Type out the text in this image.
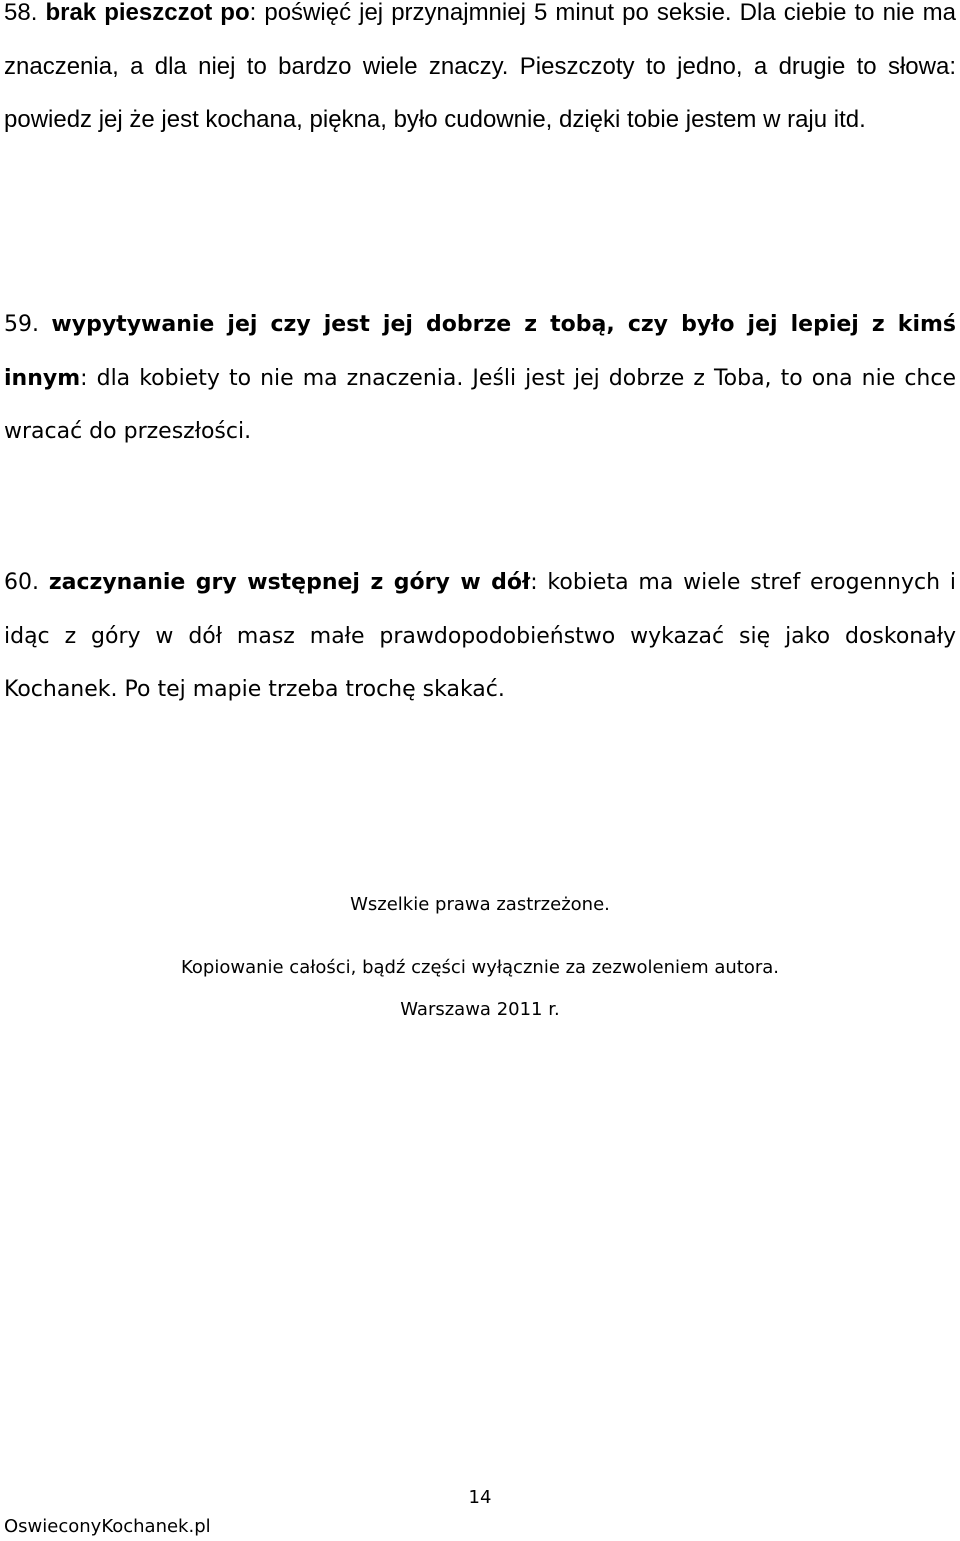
58. brak pieszczot po: poświęć jej przynajmniej 5 minut po seksie. Dla ciebie to nie ma znaczenia, a dla niej to bardzo wiele znaczy. Pieszczoty to jedno, a drugie to słowa: powiedz jej że jest kochana, piękna, było cudownie, dzięki tobie jestem w raju itd.

59. wypytywanie jej czy jest jej dobrze z tobą, czy było jej lepiej z kimś innym: dla kobiety to nie ma znaczenia. Jeśli jest jej dobrze z Toba, to ona nie chce wracać do przeszłości.

60. zaczynanie gry wstępnej z góry w dół: kobieta ma wiele stref erogennych i idąc z góry w dół masz małe prawdopodobieństwo wykazać się jako doskonały Kochanek. Po tej mapie trzeba trochę skakać.

Wszelkie prawa zastrzeżone.

Kopiowanie całości, bądź części wyłącznie za zezwoleniem autora.

Warszawa 2011 r.

14
OswieconyKochanek.pl
